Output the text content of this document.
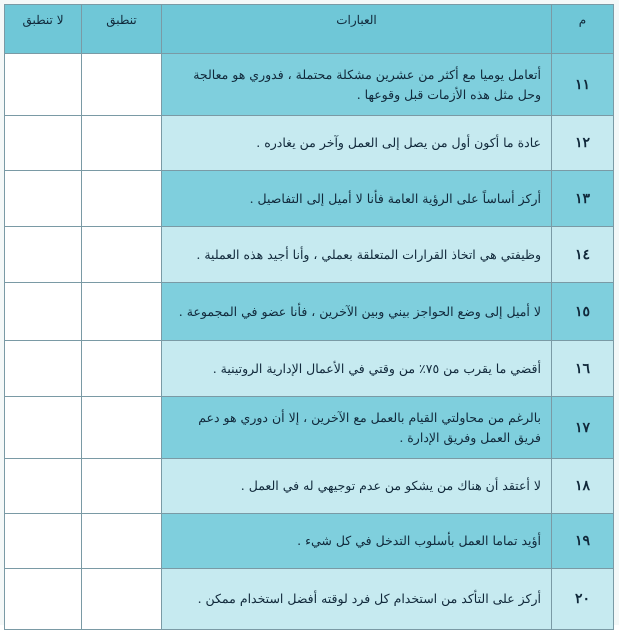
م	العبارات	تنطبق	لا تنطبق
١١	أتعامل يوميا مع أكثر من عشرين مشكلة محتملة ، فدوري هو معالجة وحل مثل هذه الأزمات قبل وقوعها .		
١٢	عادة ما أكون أول من يصل إلى العمل وآخر من يغادره .		
١٣	أركز أساساً على الرؤية العامة فأنا لا أميل إلى التفاصيل .		
١٤	وظيفتي هي اتخاذ القرارات المتعلقة بعملي ، وأنا أجيد هذه العملية .		
١٥	لا أميل إلى وضع الحواجز بيني وبين الآخرين ، فأنا عضو في المجموعة .		
١٦	أقضي ما يقرب من ٧٥٪ من وقتي في الأعمال الإدارية الروتينية .		
١٧	بالرغم من محاولتي القيام بالعمل مع الآخرين ، إلا أن دوري هو دعم فريق العمل وفريق الإدارة .		
١٨	لا أعتقد أن هناك من يشكو من عدم توجيهي له في العمل .		
١٩	أؤيد تماما العمل بأسلوب التدخل في كل شيء .		
٢٠	أركز على التأكد من استخدام كل فرد لوقته أفضل استخدام ممكن .		
